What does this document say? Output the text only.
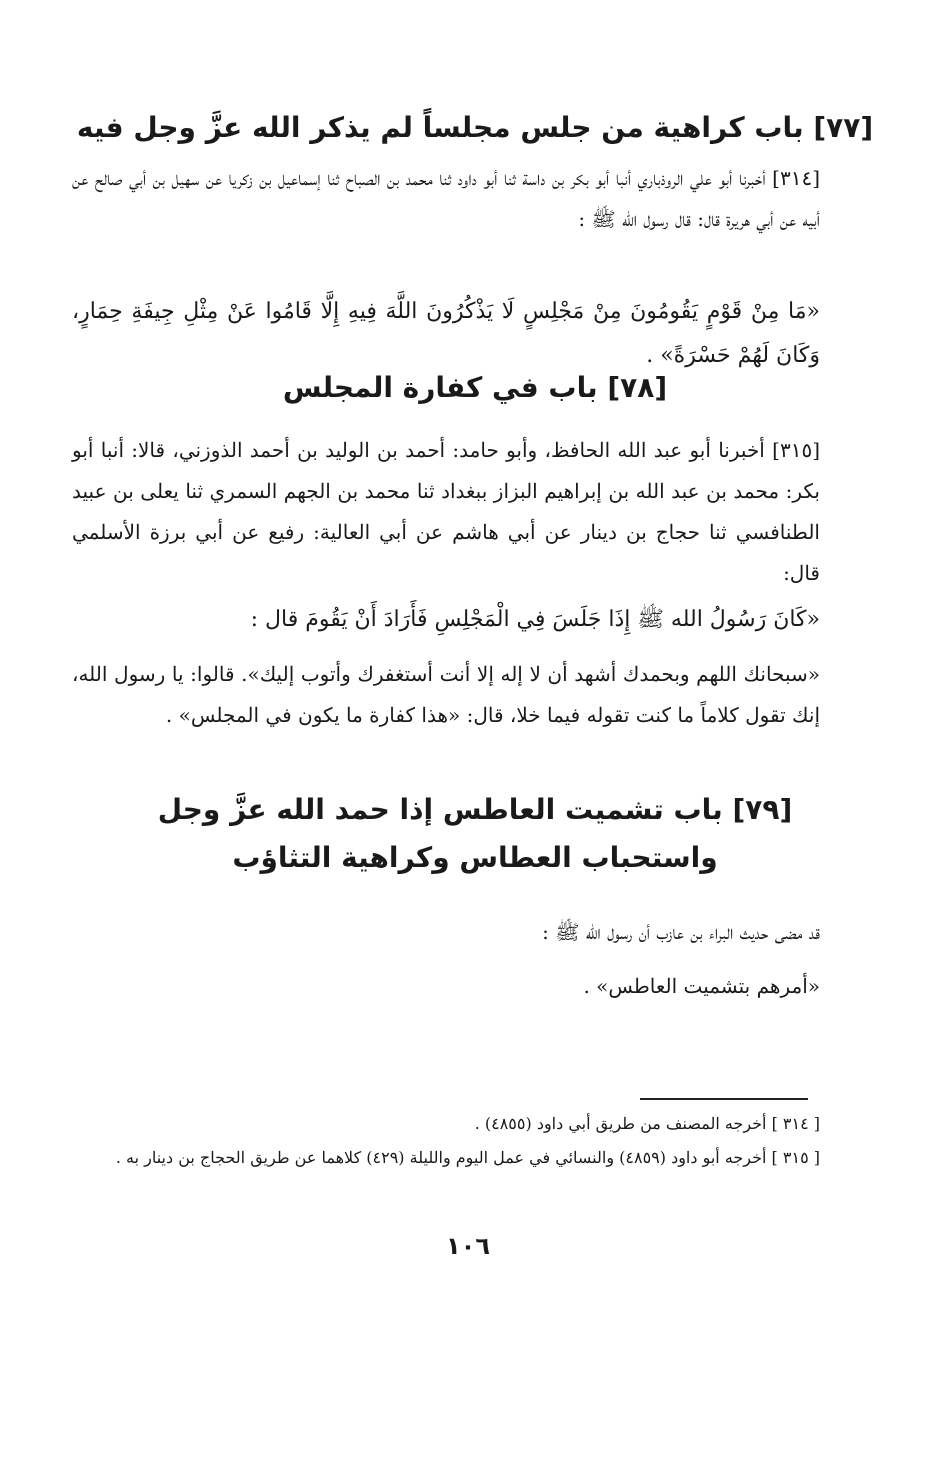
[٧٧] باب كراهية من جلس مجلساً لم يذكر الله عزَّ وجل فيه
[٣١٤] أخبرنا أبو علي الروذباري أنبا أبو بكر بن داسة ثنا أبو داود ثنا محمد بن الصباح ثنا إسماعيل بن زكريا عن سهيل بن أبي صالح عن أبيه عن أبي هريرة قال: قال رسول الله ﷺ :
«مَا مِنْ قَوْمٍ يَقُومُونَ مِنْ مَجْلِسٍ لَا يَذْكُرُونَ اللَّهَ فِيهِ إِلَّا قَامُوا عَنْ مِثْلِ جِيفَةِ حِمَارٍ، وَكَانَ لَهُمْ حَسْرَةً» .
[٧٨] باب في كفارة المجلس
[٣١٥] أخبرنا أبو عبد الله الحافظ، وأبو حامد: أحمد بن الوليد بن أحمد الذوزني، قالا: أنبا أبو بكر: محمد بن عبد الله بن إبراهيم البزاز ببغداد ثنا محمد بن الجهم السمري ثنا يعلى بن عبيد الطنافسي ثنا حجاج بن دينار عن أبي هاشم عن أبي العالية: رفيع عن أبي برزة الأسلمي قال:
«كَانَ رَسُولُ الله ﷺ إِذَا جَلَسَ فِي الْمَجْلِسِ فَأَرَادَ أَنْ يَقُومَ قال :
«سبحانك اللهم وبحمدك أشهد أن لا إله إلا أنت أستغفرك وأتوب إليك». قالوا: يا رسول الله، إنك تقول كلاماً ما كنت تقوله فيما خلا، قال: «هذا كفارة ما يكون في المجلس» .
[٧٩] باب تشميت العاطس إذا حمد الله عزَّ وجل
واستحباب العطاس وكراهية التثاؤب
قد مضى حديث البراء بن عازب أن رسول الله ﷺ :
«أمرهم بتشميت العاطس» .
[ ٣١٤ ] أخرجه المصنف من طريق أبي داود (٤٨٥٥) .
[ ٣١٥ ] أخرجه أبو داود (٤٨٥٩) والنسائي في عمل اليوم والليلة (٤٢٩) كلاهما عن طريق الحجاج بن دينار به .
١٠٦
